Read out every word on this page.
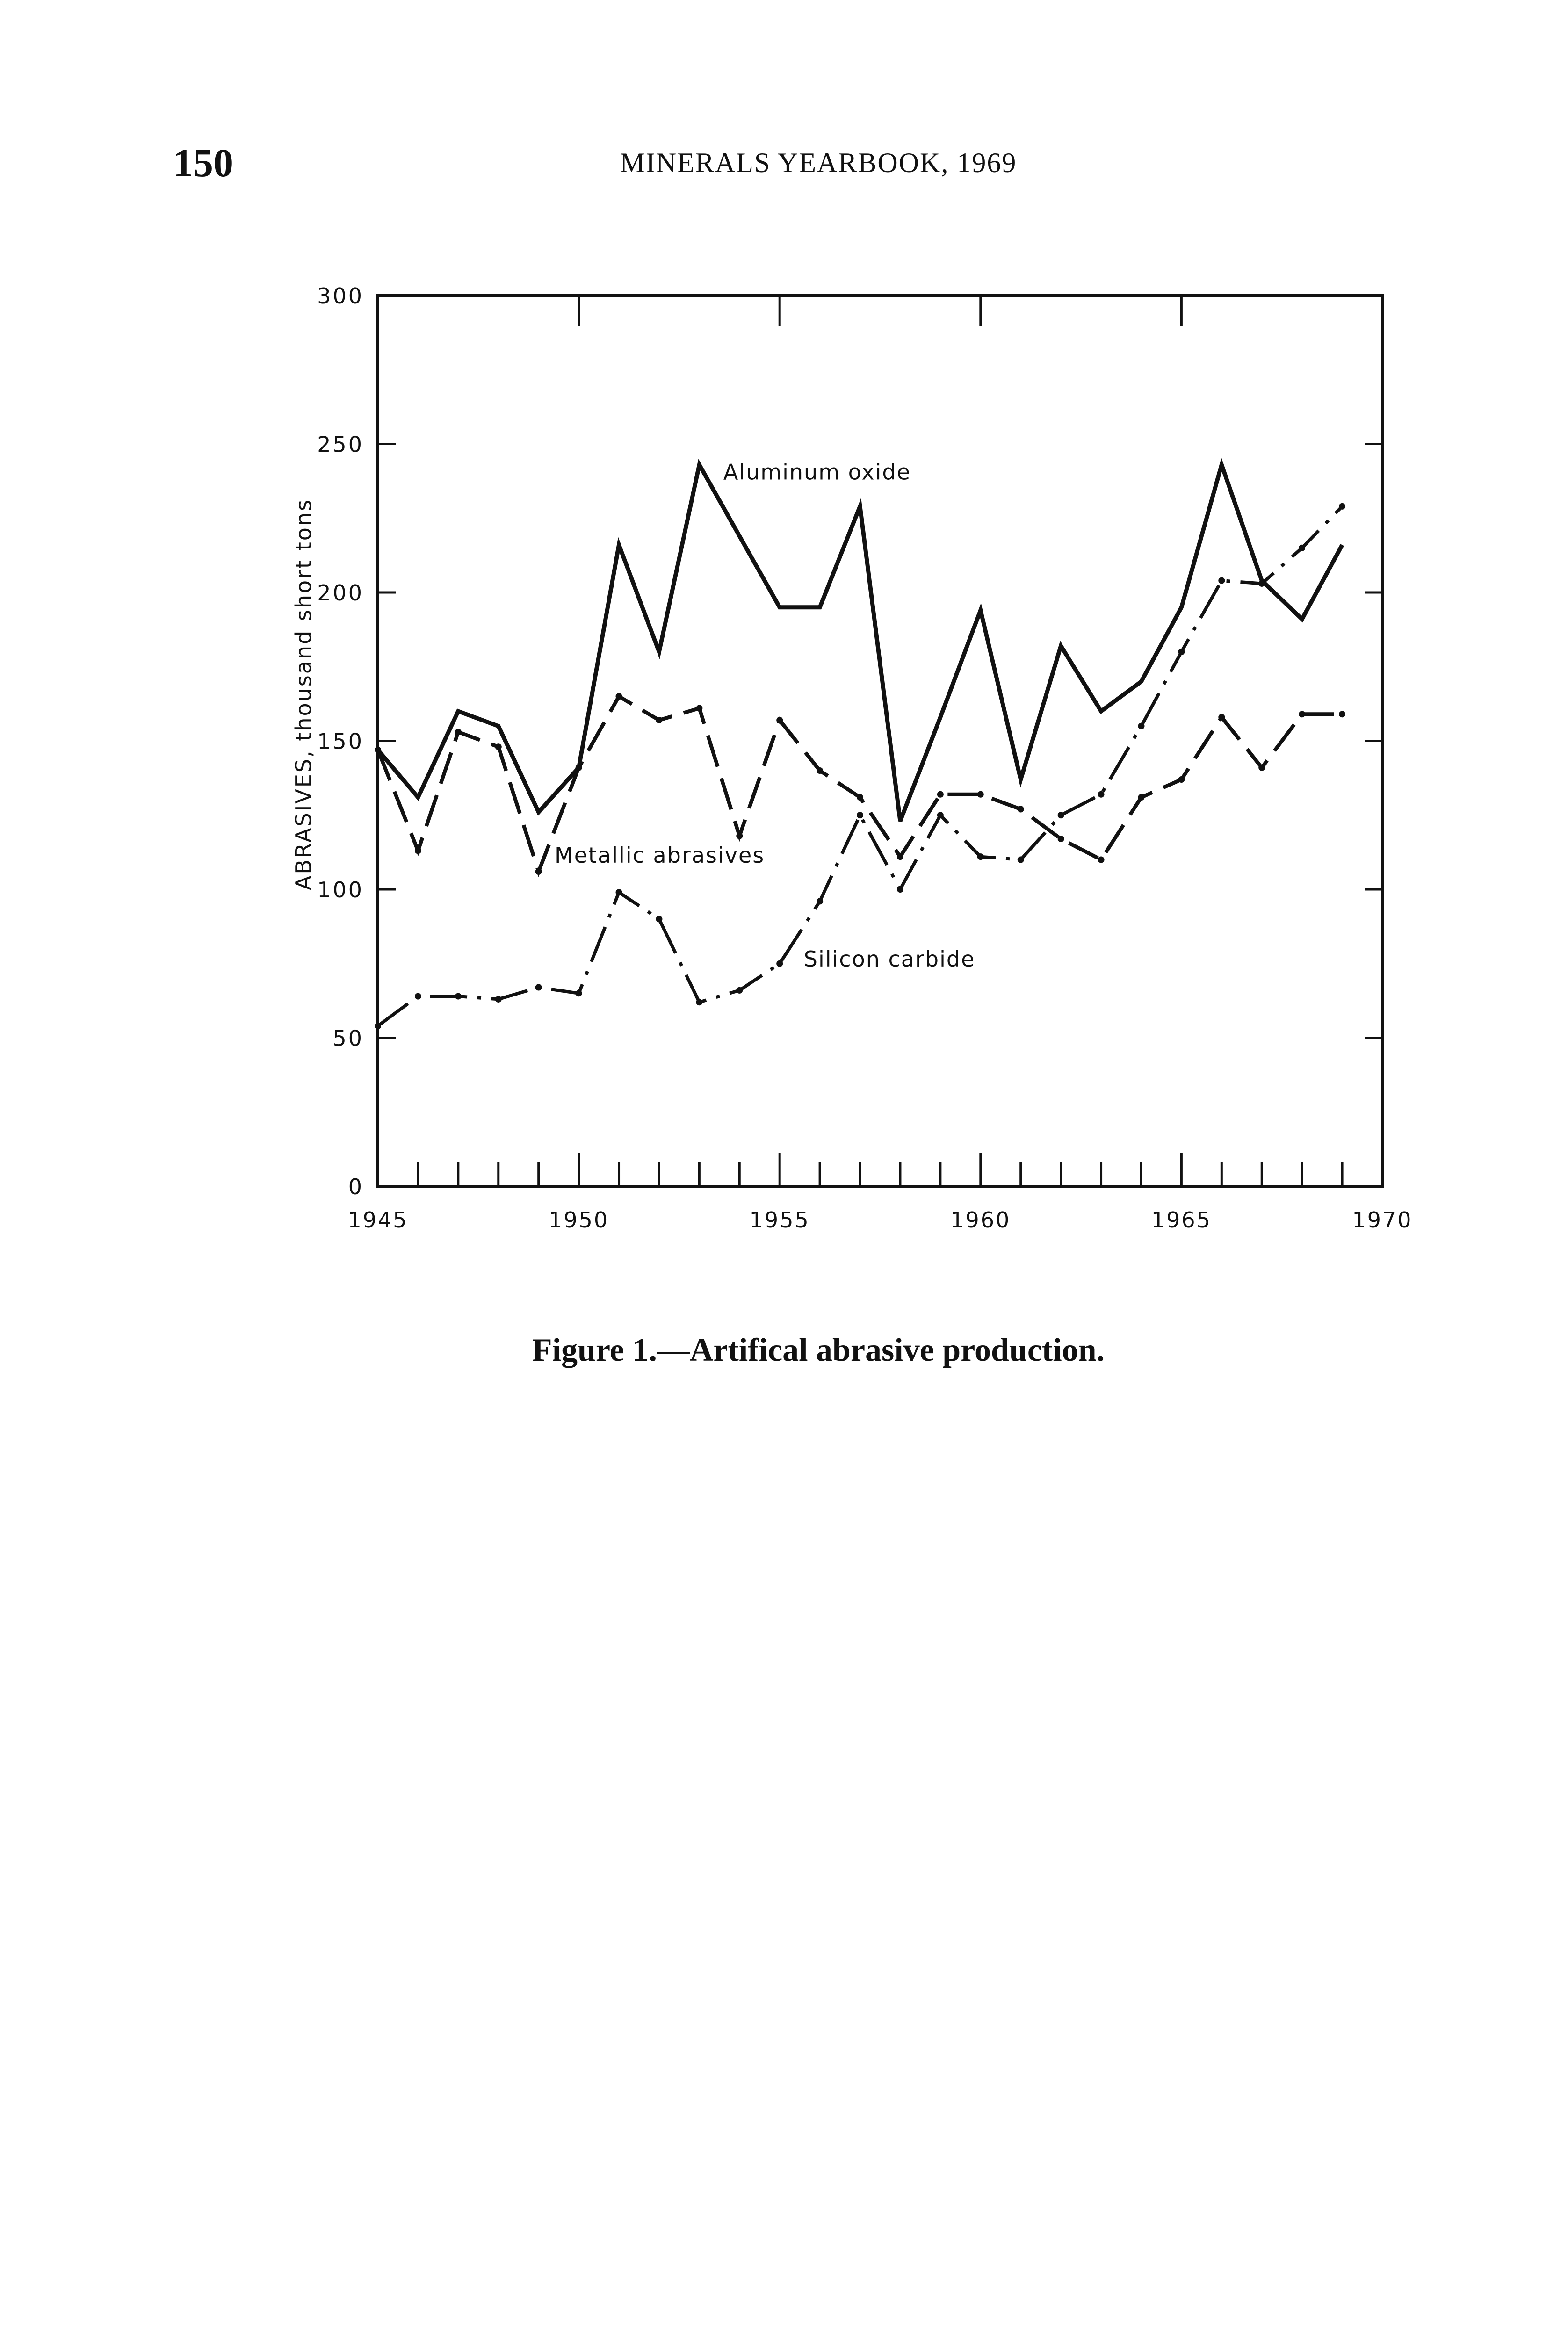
150	MINERALS YEARBOOK, 1969
0
50
100
150
200
250
300
1945	1950	1955	1960	1965	1970
ABRASIVES, thousand short tons
Aluminum oxide
Metallic abrasives
Silicon carbide
Figure 1.—Artifical abrasive production.
